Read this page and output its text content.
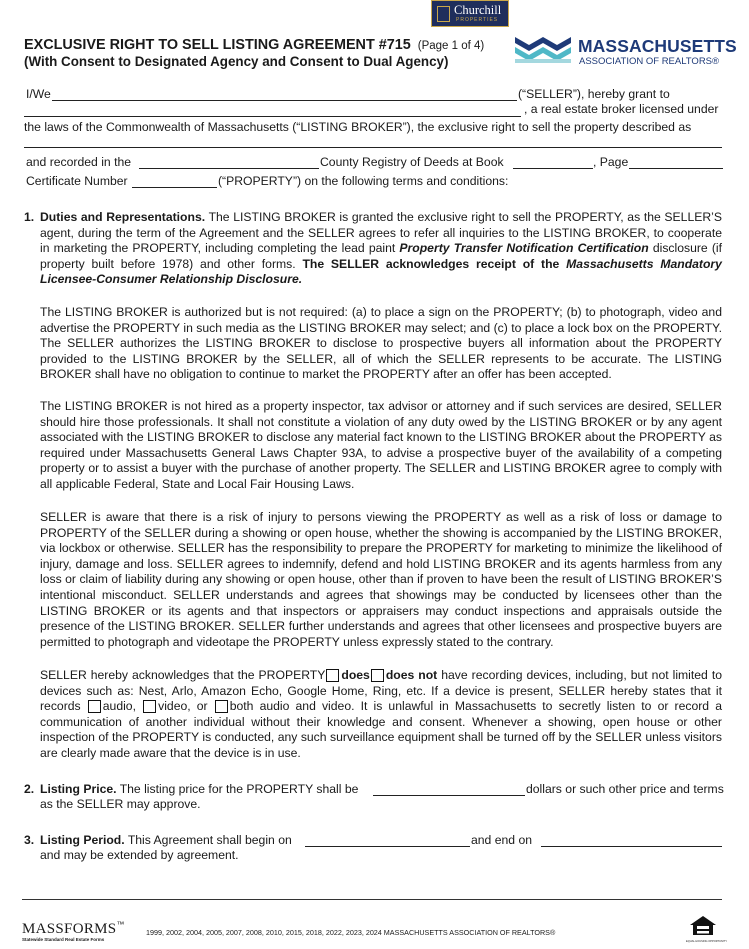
Churchill
PROPERTIES
EXCLUSIVE RIGHT TO SELL LISTING AGREEMENT #715 (Page 1 of 4)
(With Consent to Designated Agency and Consent to Dual Agency)
MASSACHUSETTS
ASSOCIATION OF REALTORS®
I/We	(“SELLER”), hereby grant to
, a real estate broker licensed under
the laws of the Commonwealth of Massachusetts (“LISTING BROKER”), the exclusive right to sell the property described as
and recorded in the	County Registry of Deeds at Book	, Page
Certificate Number	(“PROPERTY”) on the following terms and conditions:
1. Duties and Representations. The LISTING BROKER is granted the exclusive right to sell the PROPERTY, as the SELLER’S agent, during the term of the Agreement and the SELLER agrees to refer all inquiries to the LISTING BROKER, to cooperate in marketing the PROPERTY, including completing the lead paint Property Transfer Notification Certification disclosure (if property built before 1978) and other forms. The SELLER acknowledges receipt of the Massachusetts Mandatory Licensee-Consumer Relationship Disclosure.
The LISTING BROKER is authorized but is not required: (a) to place a sign on the PROPERTY; (b) to photograph, video and advertise the PROPERTY in such media as the LISTING BROKER may select; and (c) to place a lock box on the PROPERTY. The SELLER authorizes the LISTING BROKER to disclose to prospective buyers all information about the PROPERTY provided to the LISTING BROKER by the SELLER, all of which the SELLER represents to be accurate. The LISTING BROKER shall have no obligation to continue to market the PROPERTY after an offer has been accepted.
The LISTING BROKER is not hired as a property inspector, tax advisor or attorney and if such services are desired, SELLER should hire those professionals. It shall not constitute a violation of any duty owed by the LISTING BROKER or by any agent associated with the LISTING BROKER to disclose any material fact known to the LISTING BROKER about the PROPERTY as required under Massachusetts General Laws Chapter 93A, to advise a prospective buyer of the availability of a competing property or to assist a buyer with the purchase of another property. The SELLER and LISTING BROKER agree to comply with all applicable Federal, State and Local Fair Housing Laws.
SELLER is aware that there is a risk of injury to persons viewing the PROPERTY as well as a risk of loss or damage to PROPERTY of the SELLER during a showing or open house, whether the showing is accompanied by the LISTING BROKER, via lockbox or otherwise. SELLER has the responsibility to prepare the PROPERTY for marketing to minimize the likelihood of injury, damage and loss. SELLER agrees to indemnify, defend and hold LISTING BROKER and its agents harmless from any loss or claim of liability during any showing or open house, other than if proven to have been the result of LISTING BROKER’S intentional misconduct. SELLER understands and agrees that showings may be conducted by licensees other than the LISTING BROKER or its agents and that inspectors or appraisers may conduct inspections and appraisals outside the presence of the LISTING BROKER. SELLER further understands and agrees that other licensees and prospective buyers are permitted to photograph and videotape the PROPERTY unless expressly stated to the contrary.
SELLER hereby acknowledges that the PROPERTY does does not have recording devices, including, but not limited to devices such as: Nest, Arlo, Amazon Echo, Google Home, Ring, etc. If a device is present, SELLER hereby states that it records audio, video, or both audio and video. It is unlawful in Massachusetts to secretly listen to or record a communication of another individual without their knowledge and consent. Whenever a showing, open house or other inspection of the PROPERTY is conducted, any such surveillance equipment shall be turned off by the SELLER unless visitors are clearly made aware that the device is in use.
2. Listing Price. The listing price for the PROPERTY shall be	dollars or such other price and terms
as the SELLER may approve.
3. Listing Period. This Agreement shall begin on	and end on
and may be extended by agreement.
MASSFORMS™
Statewide Standard Real Estate Forms
1999, 2002, 2004, 2005, 2007, 2008, 2010, 2015, 2018, 2022, 2023, 2024 MASSACHUSETTS ASSOCIATION OF REALTORS®
EQUAL HOUSING OPPORTUNITY
